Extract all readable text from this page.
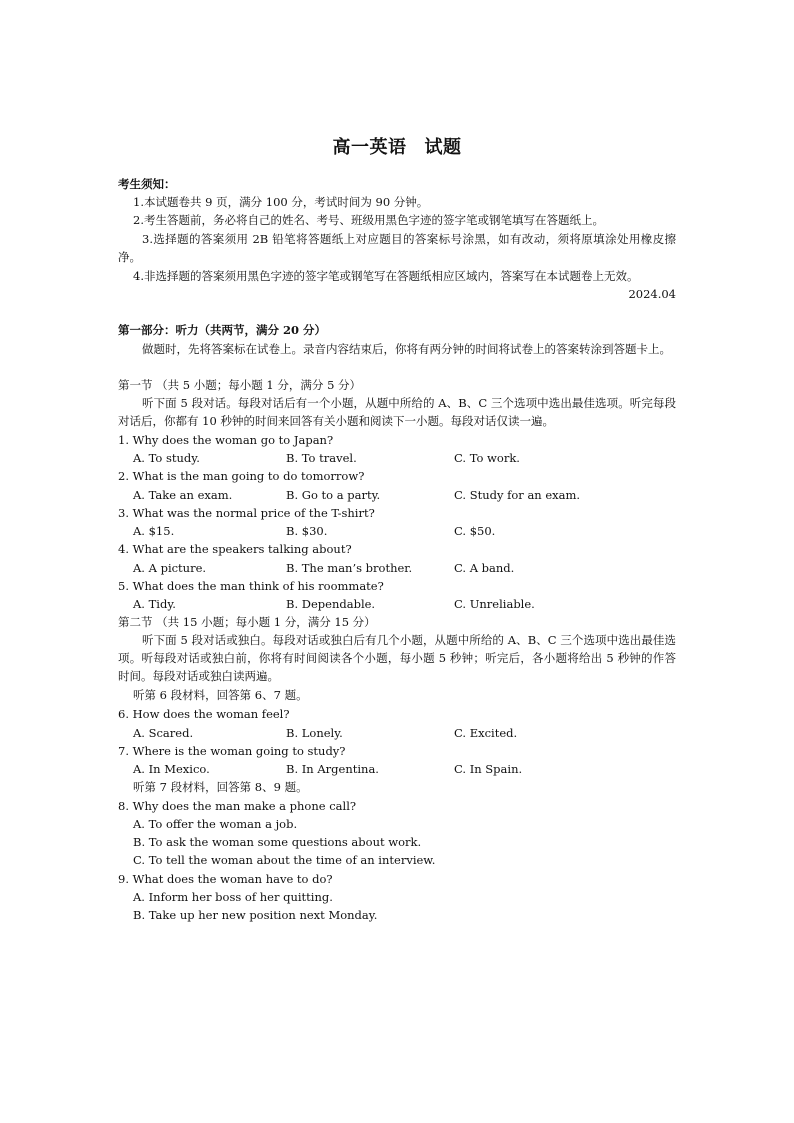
高一英语 试题
考生须知：
1.本试题卷共 9 页，满分 100 分，考试时间为 90 分钟。
2.考生答题前，务必将自己的姓名、考号、班级用黑色字迹的签字笔或钢笔填写在答题纸上。
3.选择题的答案须用 2B 铅笔将答题纸上对应题目的答案标号涂黑，如有改动，须将原填涂处用橡皮擦净。
4.非选择题的答案须用黑色字迹的签字笔或钢笔写在答题纸相应区域内，答案写在本试题卷上无效。
2024.04
第一部分：听力（共两节，满分 20 分）
做题时，先将答案标在试卷上。录音内容结束后，你将有两分钟的时间将试卷上的答案转涂到答题卡上。
第一节 （共 5 小题；每小题 1 分，满分 5 分）
听下面 5 段对话。每段对话后有一个小题，从题中所给的 A、B、C 三个选项中选出最佳选项。听完每段对话后，你都有 10 秒钟的时间来回答有关小题和阅读下一小题。每段对话仅读一遍。
1. Why does the woman go to Japan?
A. To study.	B. To travel.	C. To work.
2. What is the man going to do tomorrow?
A. Take an exam.	B. Go to a party.	C. Study for an exam.
3. What was the normal price of the T-shirt?
A. $15.	B. $30.	C. $50.
4. What are the speakers talking about?
A. A picture.	B. The man’s brother.	C. A band.
5. What does the man think of his roommate?
A. Tidy.	B. Dependable.	C. Unreliable.
第二节 （共 15 小题；每小题 1 分，满分 15 分）
听下面 5 段对话或独白。每段对话或独白后有几个小题，从题中所给的 A、B、C 三个选项中选出最佳选项。听每段对话或独白前，你将有时间阅读各个小题，每小题 5 秒钟；听完后，各小题将给出 5 秒钟的作答时间。每段对话或独白读两遍。
听第 6 段材料，回答第 6、7 题。
6. How does the woman feel?
A. Scared.	B. Lonely.	C. Excited.
7. Where is the woman going to study?
A. In Mexico.	B. In Argentina.	C. In Spain.
听第 7 段材料，回答第 8、9 题。
8. Why does the man make a phone call?
A. To offer the woman a job.
B. To ask the woman some questions about work.
C. To tell the woman about the time of an interview.
9. What does the woman have to do?
A. Inform her boss of her quitting.
B. Take up her new position next Monday.
